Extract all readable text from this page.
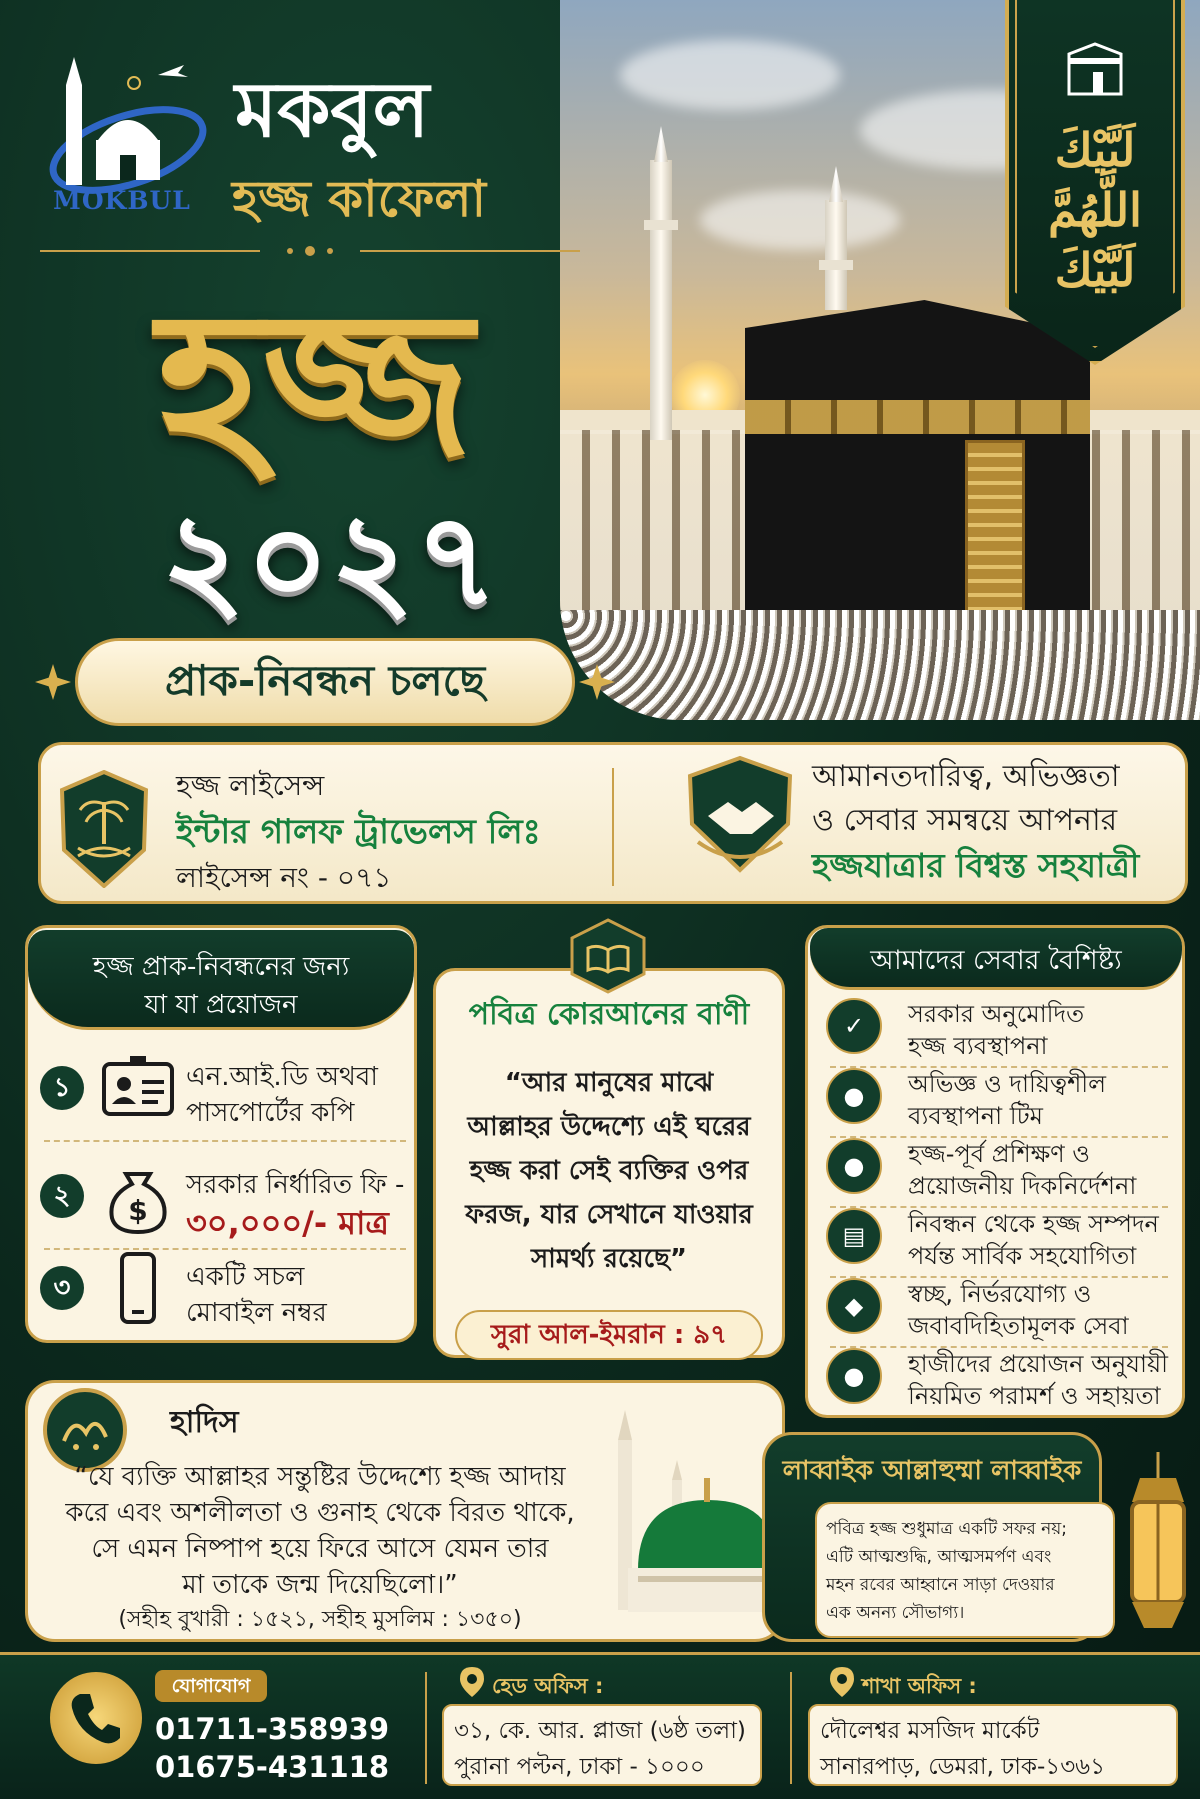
لَبَّيْكَ
اللَّهُمَّ
لَبَّيْكَ
MOKBUL
মকবুল
হজ্জ কাফেলা
হজ্জ
২০২৭
প্রাক-নিবন্ধন চলছে
হজ্জ লাইসেন্স
ইন্টার গালফ ট্রাভেলস লিঃ
লাইসেন্স নং - ০৭১
আমানতদারিত্ব, অভিজ্ঞতা
ও সেবার সমন্বয়ে আপনার
হজ্জযাত্রার বিশ্বস্ত সহযাত্রী
হজ্জ প্রাক-নিবন্ধনের জন্য
যা যা প্রয়োজন
১	এন.আই.ডি অথবা
পাসপোর্টের কপি
২	$
সরকার নির্ধারিত ফি -
৩০,০০০/- মাত্র
৩	একটি সচল
মোবাইল নম্বর
পবিত্র কোরআনের বাণী
“আর মানুষের মাঝে
আল্লাহর উদ্দেশ্যে এই ঘরের
হজ্জ করা সেই ব্যক্তির ওপর
ফরজ, যার সেখানে যাওয়ার
সামর্থ্য রয়েছে”
সুরা আল-ইমরান : ৯৭
আমাদের সেবার বৈশিষ্ট্য
✓	সরকার অনুমোদিত
হজ্জ ব্যবস্থাপনা
●	অভিজ্ঞ ও দায়িত্বশীল
ব্যবস্থাপনা টিম
●	হজ্জ-পূর্ব প্রশিক্ষণ ও
প্রয়োজনীয় দিকনির্দেশনা
▤	নিবন্ধন থেকে হজ্জ সম্পদন
পর্যন্ত সার্বিক সহযোগিতা
◆	স্বচ্ছ, নির্ভরযোগ্য ও
জবাবদিহিতামূলক সেবা
●	হাজীদের প্রয়োজন অনুযায়ী
নিয়মিত পরামর্শ ও সহায়তা
হাদিস
“যে ব্যক্তি আল্লাহর সন্তুষ্টির উদ্দেশ্যে হজ্জ আদায়
করে এবং অশলীলতা ও গুনাহ থেকে বিরত থাকে,
সে এমন নিষ্পাপ হয়ে ফিরে আসে যেমন তার
মা তাকে জন্ম দিয়েছিলো।”
(সহীহ বুখারী : ১৫২১, সহীহ মুসলিম : ১৩৫০)
লাব্বাইক আল্লাহুম্মা লাব্বাইক
পবিত্র হজ্জ শুধুমাত্র একটি সফর নয়;
এটি আত্মশুদ্ধি, আত্মসমর্পণ এবং
মহন রবের আহ্বানে সাড়া দেওয়ার
এক অনন্য সৌভাগ্য।
যোগাযোগ
01711-358939
01675-431118
হেড অফিস :
৩১, কে. আর. প্লাজা (৬ষ্ঠ তলা)
পুরানা পল্টন, ঢাকা - ১০০০
শাখা অফিস :
দৌলেশ্বর মসজিদ মার্কেট
সানারপাড়, ডেমরা, ঢাক-১৩৬১
